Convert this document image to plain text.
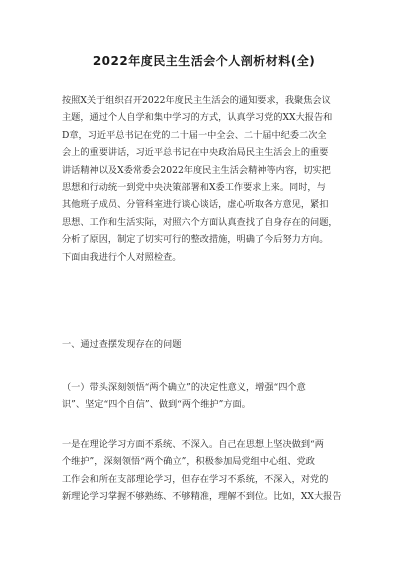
2022年度民主生活会个人剖析材料(全)
按照X关于组织召开2022年度民主生活会的通知要求，我聚焦会议
主题，通过个人自学和集中学习的方式，认真学习党的XX大报告和
D章，习近平总书记在党的二十届一中全会、二十届中纪委二次全
会上的重要讲话，习近平总书记在中央政治局民主生活会上的重要
讲话精神以及X委常委会2022年度民主生活会精神等内容，切实把
思想和行动统一到党中央决策部署和X委工作要求上来。同时，与
其他班子成员、分管科室进行谈心谈话，虚心听取各方意见，紧扣
思想、工作和生活实际，对照六个方面认真查找了自身存在的问题，
分析了原因，制定了切实可行的整改措施，明确了今后努力方向。
下面由我进行个人对照检查。
一、通过查摆发现存在的问题
（一）带头深刻领悟“两个确立”的决定性意义，增强“四个意
识”、坚定“四个自信”、做到“两个维护”方面。
一是在理论学习方面不系统、不深入。自己在思想上坚决做到“两
个维护”，深刻领悟“两个确立”，积极参加局党组中心组、党政
工作会和所在支部理论学习，但存在学习不系统，不深入，对党的
新理论学习掌握不够熟练、不够精准，理解不到位。比如，XX大报告
